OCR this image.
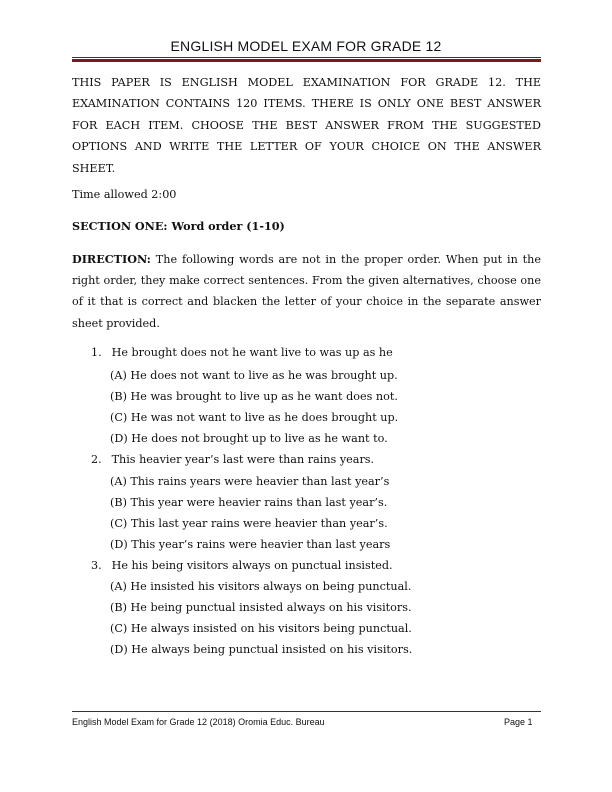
ENGLISH MODEL EXAM FOR GRADE 12
THIS PAPER IS ENGLISH MODEL EXAMINATION FOR GRADE 12. THE EXAMINATION CONTAINS 120 ITEMS. THERE IS ONLY ONE BEST ANSWER FOR EACH ITEM. CHOOSE THE BEST ANSWER FROM THE SUGGESTED OPTIONS AND WRITE THE LETTER OF YOUR CHOICE ON THE ANSWER SHEET.
Time allowed 2:00
SECTION ONE: Word order (1-10)
DIRECTION: The following words are not in the proper order. When put in the right order, they make correct sentences. From the given alternatives, choose one of it that is correct and blacken the letter of your choice in the separate answer sheet provided.
1. He brought does not he want live to was up as he
(A) He does not want to live as he was brought up.
(B) He was brought to live up as he want does not.
(C) He was not want to live as he does brought up.
(D) He does not brought up to live as he want to.
2. This heavier year’s last were than rains years.
(A) This rains years were heavier than last year’s
(B) This year were heavier rains than last year’s.
(C) This last year rains were heavier than year’s.
(D) This year’s rains were heavier than last years
3. He his being visitors always on punctual insisted.
(A) He insisted his visitors always on being punctual.
(B) He being punctual insisted always on his visitors.
(C) He always insisted on his visitors being punctual.
(D) He always being punctual insisted on his visitors.
English Model Exam for Grade 12 (2018) Oromia Educ. Bureau	Page 1
